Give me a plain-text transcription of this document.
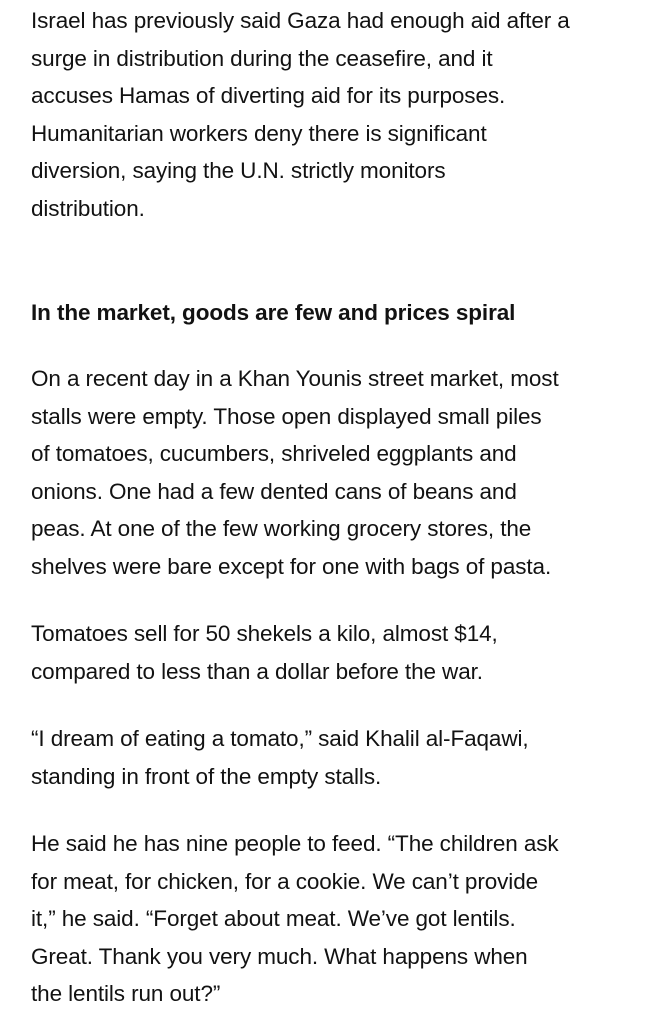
Israel has previously said Gaza had enough aid after a
surge in distribution during the ceasefire, and it
accuses Hamas of diverting aid for its purposes.
Humanitarian workers deny there is significant
diversion, saying the U.N. strictly monitors
distribution.

In the market, goods are few and prices spiral

On a recent day in a Khan Younis street market, most
stalls were empty. Those open displayed small piles
of tomatoes, cucumbers, shriveled eggplants and
onions. One had a few dented cans of beans and
peas. At one of the few working grocery stores, the
shelves were bare except for one with bags of pasta.

Tomatoes sell for 50 shekels a kilo, almost $14,
compared to less than a dollar before the war.

“I dream of eating a tomato,” said Khalil al-Faqawi,
standing in front of the empty stalls.

He said he has nine people to feed. “The children ask
for meat, for chicken, for a cookie. We can’t provide
it,” he said. “Forget about meat. We’ve got lentils.
Great. Thank you very much. What happens when
the lentils run out?”
